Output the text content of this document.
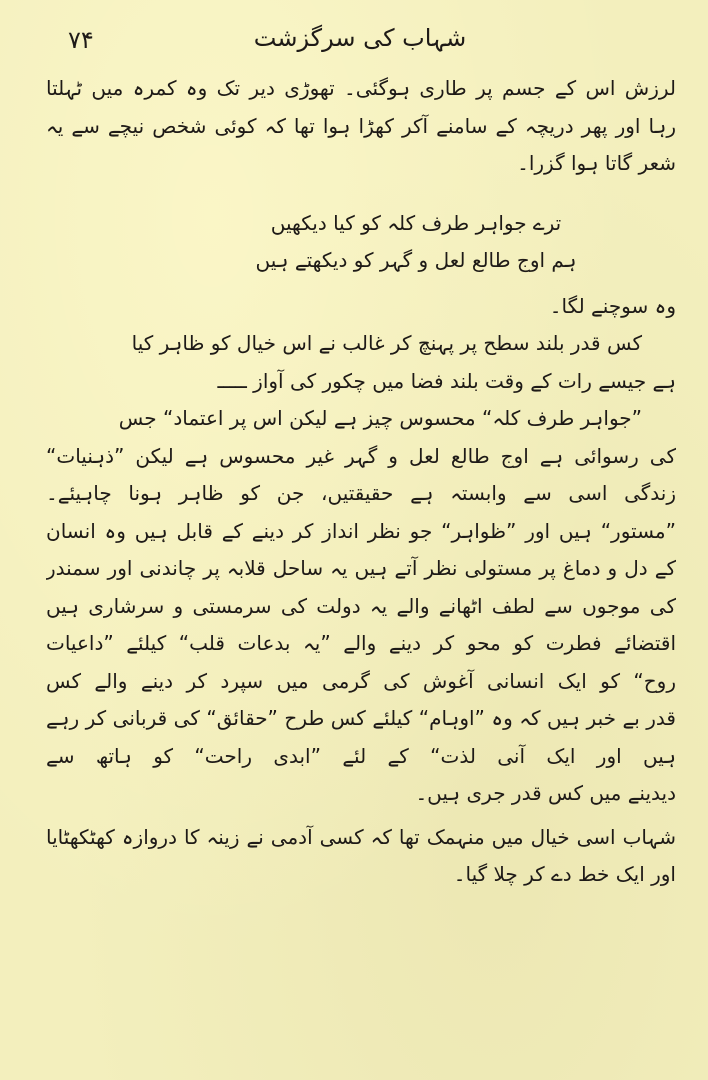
۷۴	شہاب کی سرگزشت
لرزش اس کے جسم پر طاری ہوگئی۔ تھوڑی دیر تک وہ کمرہ میں ٹہلتا
رہا اور پھر دریچہ کے سامنے آکر کھڑا ہوا تھا کہ کوئی شخص نیچے سے یہ
شعر گاتا ہوا گزرا۔
ترے جواہر طرف کلہ کو کیا دیکھیں
ہم اوج طالع لعل و گہر کو دیکھتے ہیں
وہ سوچنے لگا۔
کس قدر بلند سطح پر پہنچ کر غالب نے اس خیال کو ظاہر کیا
ہے جیسے رات کے وقت بلند فضا میں چکور کی آواز ـــــ
”جواہر طرف کلہ“ محسوس چیز ہے لیکن اس پر اعتماد“ جس
کی رسوائی ہے اوج طالع لعل و گہر غیر محسوس ہے لیکن ”ذہنیات“
زندگی اسی سے وابستہ ہے حقیقتیں، جن کو ظاہر ہونا چاہیئے۔
”مستور“ ہیں اور ”ظواہر“ جو نظر انداز کر دینے کے قابل ہیں وہ انسان
کے دل و دماغ پر مستولی نظر آتے ہیں یہ ساحل قلابہ پر چاندنی اور سمندر
کی موجوں سے لطف اٹھانے والے یہ دولت کی سرمستی و سرشاری ہیں
اقتضائے فطرت کو محو کر دینے والے ”یہ بدعات قلب“ کیلئے ”داعیات
روح“ کو ایک انسانی آغوش کی گرمی میں سپرد کر دینے والے کس
قدر بے خبر ہیں کہ وہ ”اوہام“ کیلئے کس طرح ”حقائق“ کی قربانی کر رہے
ہیں اور ایک آنی لذت“ کے لئے ”ابدی راحت“ کو ہاتھ سے
دیدینے میں کس قدر جری ہیں۔
شہاب اسی خیال میں منہمک تھا کہ کسی آدمی نے زینہ کا دروازہ کھٹکھٹایا
اور ایک خط دے کر چلا گیا۔
